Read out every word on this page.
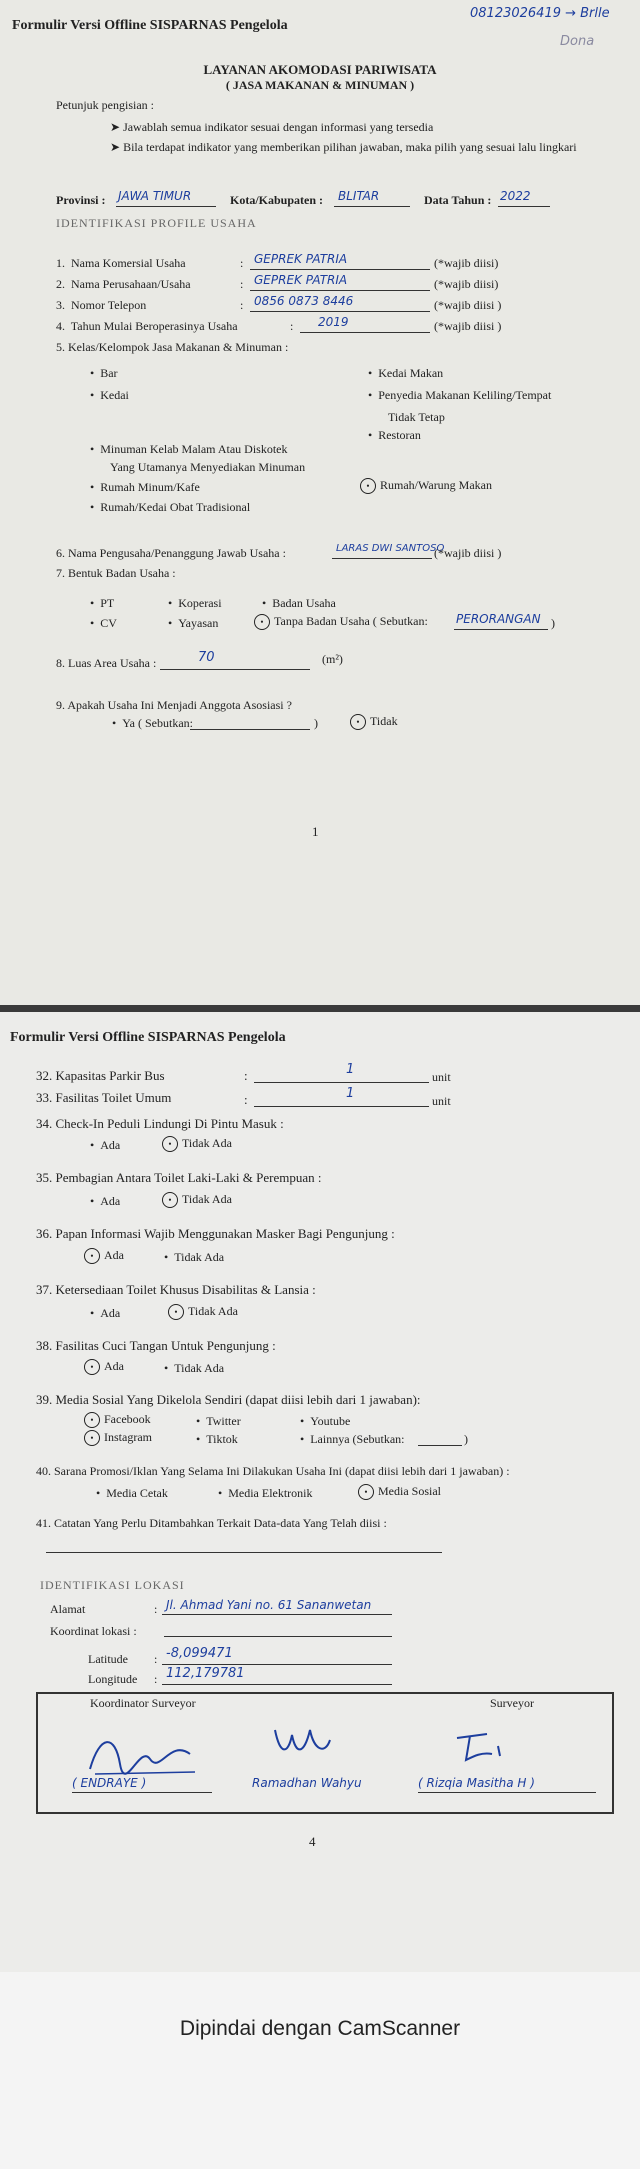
Formulir Versi Offline SISPARNAS Pengelola
08123026419 → Brlle
Dona
LAYANAN AKOMODASI PARIWISATA
( JASA MAKANAN & MINUMAN )
Petunjuk pengisian :
➤ Jawablah semua indikator sesuai dengan informasi yang tersedia
➤ Bila terdapat indikator yang memberikan pilihan jawaban, maka pilih yang sesuai lalu lingkari
Provinsi : JAWA TIMUR	Kota/Kabupaten : BLITAR	Data Tahun : 2022
IDENTIFIKASI PROFILE USAHA
1. Nama Komersial Usaha	: GEPREK PATRIA	(*wajib diisi)
2. Nama Perusahaan/Usaha	: GEPREK PATRIA	(*wajib diisi)
3. Nomor Telepon	: 0856 0873 8446	(*wajib diisi )
4. Tahun Mulai Beroperasinya Usaha	: 2019	(*wajib diisi )
5. Kelas/Kelompok Jasa Makanan & Minuman :
•  Bar
•  Kedai
•  Minuman Kelab Malam Atau Diskotek
Yang Utamanya Menyediakan Minuman
•  Rumah Minum/Kafe
•  Rumah/Kedai Obat Tradisional
•  Kedai Makan
•  Penyedia Makanan Keliling/Tempat
Tidak Tetap
•  Restoran
• Rumah/Warung Makan
6. Nama Pengusaha/Penanggung Jawab Usaha :	LARAS DWI SANTOSO
(*wajib diisi )
7. Bentuk Badan Usaha :
•  PT	•  Koperasi	•  Badan Usaha
•  CV	•  Yayasan	• Tanpa Badan Usaha ( Sebutkan: PERORANGAN )
8. Luas Area Usaha :	70	(m²)
9. Apakah Usaha Ini Menjadi Anggota Asosiasi ?
•  Ya ( Sebutkan:	)	• Tidak
1
Formulir Versi Offline SISPARNAS Pengelola
32. Kapasitas Parkir Bus	:	1	unit
33. Fasilitas Toilet Umum	:	1	unit
34. Check-In Peduli Lindungi Di Pintu Masuk :
•  Ada	• Tidak Ada
35. Pembagian Antara Toilet Laki-Laki & Perempuan :
•  Ada	• Tidak Ada
36. Papan Informasi Wajib Menggunakan Masker Bagi Pengunjung :
• Ada	•  Tidak Ada
37. Ketersediaan Toilet Khusus Disabilitas & Lansia :
•  Ada	• Tidak Ada
38. Fasilitas Cuci Tangan Untuk Pengunjung :
• Ada	•  Tidak Ada
39. Media Sosial Yang Dikelola Sendiri (dapat diisi lebih dari 1 jawaban):
• Facebook	•  Twitter	•  Youtube
• Instagram	•  Tiktok	•  Lainnya (Sebutkan:	)
40. Sarana Promosi/Iklan Yang Selama Ini Dilakukan Usaha Ini (dapat diisi lebih dari 1 jawaban) :
•  Media Cetak	•  Media Elektronik	• Media Sosial
41. Catatan Yang Perlu Ditambahkan Terkait Data-data Yang Telah diisi :
IDENTIFIKASI LOKASI
Alamat	: Jl. Ahmad Yani no. 61 Sananwetan
Koordinat lokasi :
Latitude : -8,099471
Longitude : 112,179781
Koordinator Surveyor	Surveyor
( ENDRAYE )	Ramadhan Wahyu	( Rizqia Masitha H )
4
Dipindai dengan CamScanner
